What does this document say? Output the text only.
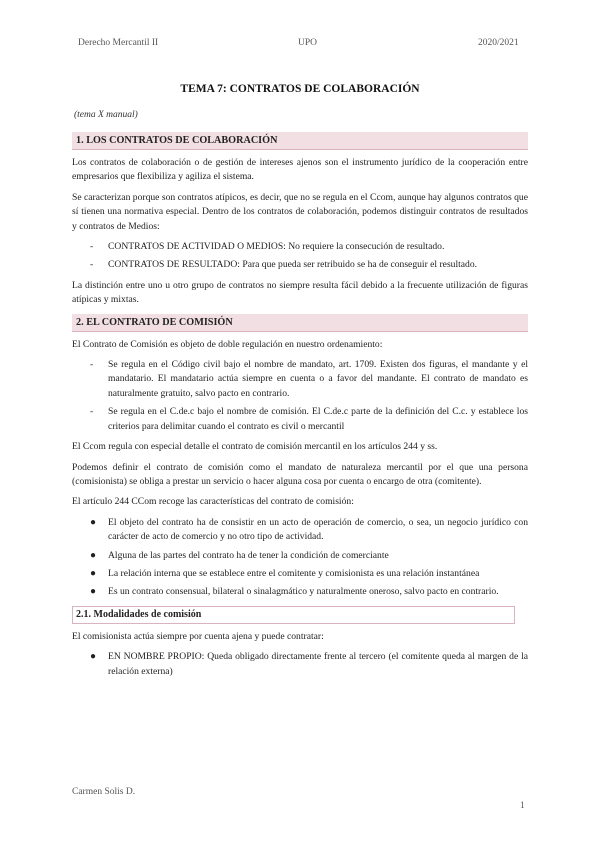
Derecho Mercantil II	UPO	2020/2021
TEMA 7: CONTRATOS DE COLABORACIÓN
(tema X manual)
1. LOS CONTRATOS DE COLABORACIÓN

Los contratos de colaboración o de gestión de intereses ajenos son el instrumento jurídico de la cooperación entre empresarios que flexibiliza y agiliza el sistema.

Se caracterizan porque son contratos atípicos, es decir, que no se regula en el Ccom, aunque hay algunos contratos que sí tienen una normativa especial. Dentro de los contratos de colaboración, podemos distinguir contratos de resultados y contratos de Medios:

- CONTRATOS DE ACTIVIDAD O MEDIOS: No requiere la consecución de resultado.
- CONTRATOS DE RESULTADO: Para que pueda ser retribuido se ha de conseguir el resultado.

La distinción entre uno u otro grupo de contratos no siempre resulta fácil debido a la frecuente utilización de figuras atípicas y mixtas.

2. EL CONTRATO DE COMISIÓN

El Contrato de Comisión es objeto de doble regulación en nuestro ordenamiento:

- Se regula en el Código civil bajo el nombre de mandato, art. 1709. Existen dos figuras, el mandante y el mandatario. El mandatario actúa siempre en cuenta o a favor del mandante. El contrato de mandato es naturalmente gratuito, salvo pacto en contrario.
- Se regula en el C.de.c bajo el nombre de comisión. El C.de.c parte de la definición del C.c. y establece los criterios para delimitar cuando el contrato es civil o mercantil

El Ccom regula con especial detalle el contrato de comisión mercantil en los artículos 244 y ss.

Podemos definir el contrato de comisión como el mandato de naturaleza mercantil por el que una persona (comisionista) se obliga a prestar un servicio o hacer alguna cosa por cuenta o encargo de otra (comitente).

El artículo 244 CCom recoge las características del contrato de comisión:

● El objeto del contrato ha de consistir en un acto de operación de comercio, o sea, un negocio jurídico con carácter de acto de comercio y no otro tipo de actividad.
● Alguna de las partes del contrato ha de tener la condición de comerciante
● La relación interna que se establece entre el comitente y comisionista es una relación instantánea
● Es un contrato consensual, bilateral o sinalagmático y naturalmente oneroso, salvo pacto en contrario.
2.1. Modalidades de comisión

El comisionista actúa siempre por cuenta ajena y puede contratar:

● EN NOMBRE PROPIO: Queda obligado directamente frente al tercero (el comitente queda al margen de la relación externa)
Carmen Solis D.
1
